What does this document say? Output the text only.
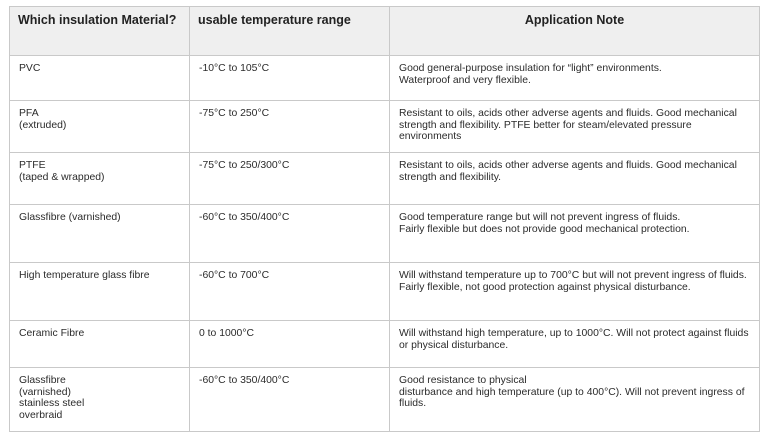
Which insulation Material?	usable temperature range	Application Note
PVC	-10°C to 105°C	Good general-purpose insulation for “light” environments.
Waterproof and very flexible.
PFA
(extruded)	-75°C to 250°C	Resistant to oils, acids other adverse agents and fluids. Good mechanical strength and flexibility. PTFE better for steam/elevated pressure environments
PTFE
(taped & wrapped)	-75°C to 250/300°C	Resistant to oils, acids other adverse agents and fluids. Good mechanical strength and flexibility.
Glassfibre (varnished)	-60°C to 350/400°C	Good temperature range but will not prevent ingress of fluids.
Fairly flexible but does not provide good mechanical protection.
High temperature glass fibre	-60°C to 700°C	Will withstand temperature up to 700°C but will not prevent ingress of fluids. Fairly flexible, not good protection against physical disturbance.
Ceramic Fibre	0 to 1000°C	Will withstand high temperature, up to 1000°C. Will not protect against fluids or physical disturbance.
Glassfibre
(varnished)
stainless steel
overbraid	-60°C to 350/400°C	Good resistance to physical
disturbance and high temperature (up to 400°C). Will not prevent ingress of fluids.
